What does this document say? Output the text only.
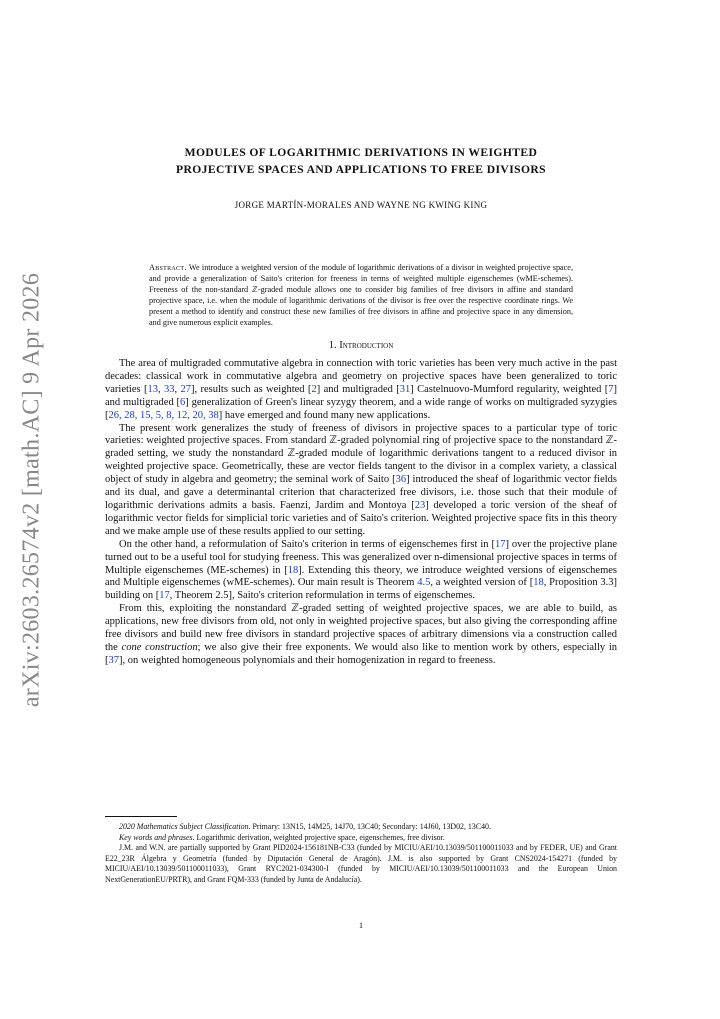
arXiv:2603.26574v2 [math.AC] 9 Apr 2026
MODULES OF LOGARITHMIC DERIVATIONS IN WEIGHTED
PROJECTIVE SPACES AND APPLICATIONS TO FREE DIVISORS
JORGE MARTÍN-MORALES AND WAYNE NG KWING KING
Abstract. We introduce a weighted version of the module of logarithmic derivations of a divisor in weighted projective space, and provide a generalization of Saito's criterion for freeness in terms of weighted multiple eigenschemes (wME-schemes). Freeness of the non-standard ℤ-graded module allows one to consider big families of free divisors in affine and standard projective space, i.e. when the module of logarithmic derivations of the divisor is free over the respective coordinate rings. We present a method to identify and construct these new families of free divisors in affine and projective space in any dimension, and give numerous explicit examples.
1. Introduction

The area of multigraded commutative algebra in connection with toric varieties has been very much active in the past decades: classical work in commutative algebra and geometry on projective spaces have been generalized to toric varieties [13, 33, 27], results such as weighted [2] and multigraded [31] Castelnuovo-Mumford regularity, weighted [7] and multigraded [6] generalization of Green's linear syzygy theorem, and a wide range of works on multigraded syzygies [26, 28, 15, 5, 8, 12, 20, 38] have emerged and found many new applications.

The present work generalizes the study of freeness of divisors in projective spaces to a particular type of toric varieties: weighted projective spaces. From standard ℤ-graded polynomial ring of projective space to the nonstandard ℤ-graded setting, we study the nonstandard ℤ-graded module of logarithmic derivations tangent to a reduced divisor in weighted projective space. Geometrically, these are vector fields tangent to the divisor in a complex variety, a classical object of study in algebra and geometry; the seminal work of Saito [36] introduced the sheaf of logarithmic vector fields and its dual, and gave a determinantal criterion that characterized free divisors, i.e. those such that their module of logarithmic derivations admits a basis. Faenzi, Jardim and Montoya [23] developed a toric version of the sheaf of logarithmic vector fields for simplicial toric varieties and of Saito's criterion. Weighted projective space fits in this theory and we make ample use of these results applied to our setting.

On the other hand, a reformulation of Saito's criterion in terms of eigenschemes first in [17] over the projective plane turned out to be a useful tool for studying freeness. This was generalized over n-dimensional projective spaces in terms of Multiple eigenschemes (ME-schemes) in [18]. Extending this theory, we introduce weighted versions of eigenschemes and Multiple eigenschemes (wME-schemes). Our main result is Theorem 4.5, a weighted version of [18, Proposition 3.3] building on [17, Theorem 2.5], Saito's criterion reformulation in terms of eigenschemes.

From this, exploiting the nonstandard ℤ-graded setting of weighted projective spaces, we are able to build, as applications, new free divisors from old, not only in weighted projective spaces, but also giving the corresponding affine free divisors and build new free divisors in standard projective spaces of arbitrary dimensions via a construction called the cone construction; we also give their free exponents. We would also like to mention work by others, especially in [37], on weighted homogeneous polynomials and their homogenization in regard to freeness.

2020 Mathematics Subject Classification. Primary: 13N15, 14M25, 14J70, 13C40; Secondary: 14J60, 13D02, 13C40.

Key words and phrases. Logarithmic derivation, weighted projective space, eigenschemes, free divisor.

J.M. and W.N. are partially supported by Grant PID2024-156181NB-C33 (funded by MICIU/AEI/10.13039/501100011033 and by FEDER, UE) and Grant E22_23R Álgebra y Geometría (funded by Diputación General de Aragón). J.M. is also supported by Grant CNS2024-154271 (funded by MICIU/AEI/10.13039/501100011033), Grant RYC2021-034300-I (funded by MICIU/AEI/10.13039/501100011033 and the European Union NextGenerationEU/PRTR), and Grant FQM-333 (funded by Junta de Andalucía).

1
